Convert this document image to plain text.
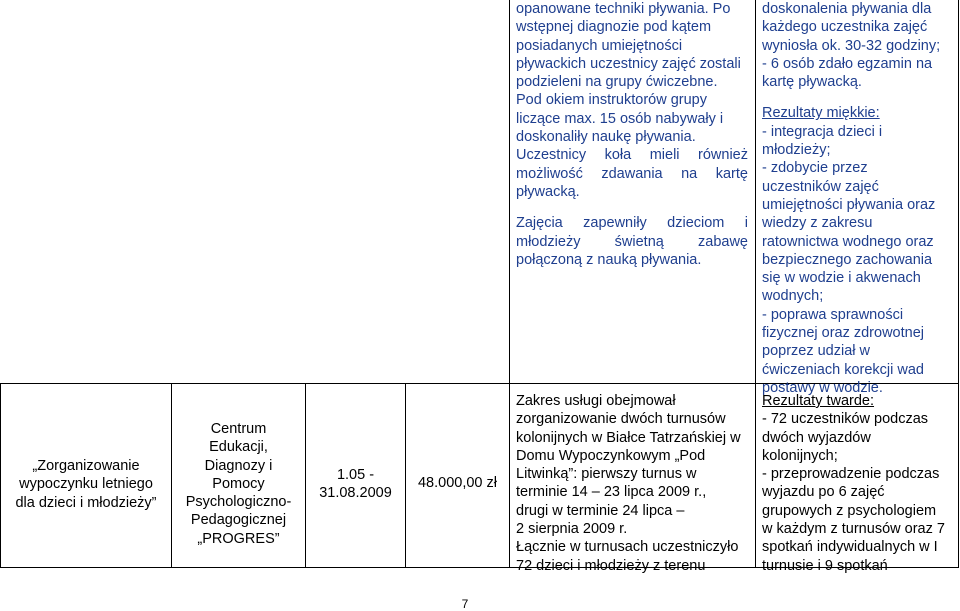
opanowane techniki pływania. Po
wstępnej diagnozie pod kątem
posiadanych umiejętności
pływackich uczestnicy zajęć zostali
podzieleni na grupy ćwiczebne.
Pod okiem instruktorów grupy
liczące max. 15 osób nabywały i
doskonaliły naukę pływania.
Uczestnicy koła mieli również
możliwość zdawania na kartę
pływacką.
Zajęcia zapewniły dzieciom i
młodzieży świetną zabawę
połączoną z nauką pływania.
doskonalenia pływania dla
każdego uczestnika zajęć
wyniosła ok. 30-32 godziny;
- 6 osób zdało egzamin na
kartę pływacką.
Rezultaty miękkie:
- integracja dzieci i
młodzieży;
- zdobycie przez
uczestników zajęć
umiejętności pływania oraz
wiedzy z zakresu
ratownictwa wodnego oraz
bezpiecznego zachowania
się w wodzie i akwenach
wodnych;
- poprawa sprawności
fizycznej oraz zdrowotnej
poprzez udział w
ćwiczeniach korekcji wad
postawy w wodzie.
„Zorganizowanie
wypoczynku letniego
dla dzieci i młodzieży”
Centrum
Edukacji,
Diagnozy i
Pomocy
Psychologiczno-
Pedagogicznej
„PROGRES”
1.05 -
31.08.2009
48.000,00 zł
Zakres usługi obejmował
zorganizowanie dwóch turnusów
kolonijnych w Białce Tatrzańskiej w
Domu Wypoczynkowym „Pod
Litwinką”: pierwszy turnus w
terminie 14 – 23 lipca 2009 r.,
drugi w terminie 24 lipca –
2 sierpnia 2009 r.
Łącznie w turnusach uczestniczyło
72 dzieci i młodzieży z terenu
Rezultaty twarde:
- 72 uczestników podczas
dwóch wyjazdów
kolonijnych;
- przeprowadzenie podczas
wyjazdu po 6 zajęć
grupowych z psychologiem
w każdym z turnusów oraz 7
spotkań indywidualnych w I
turnusie i 9 spotkań
7
